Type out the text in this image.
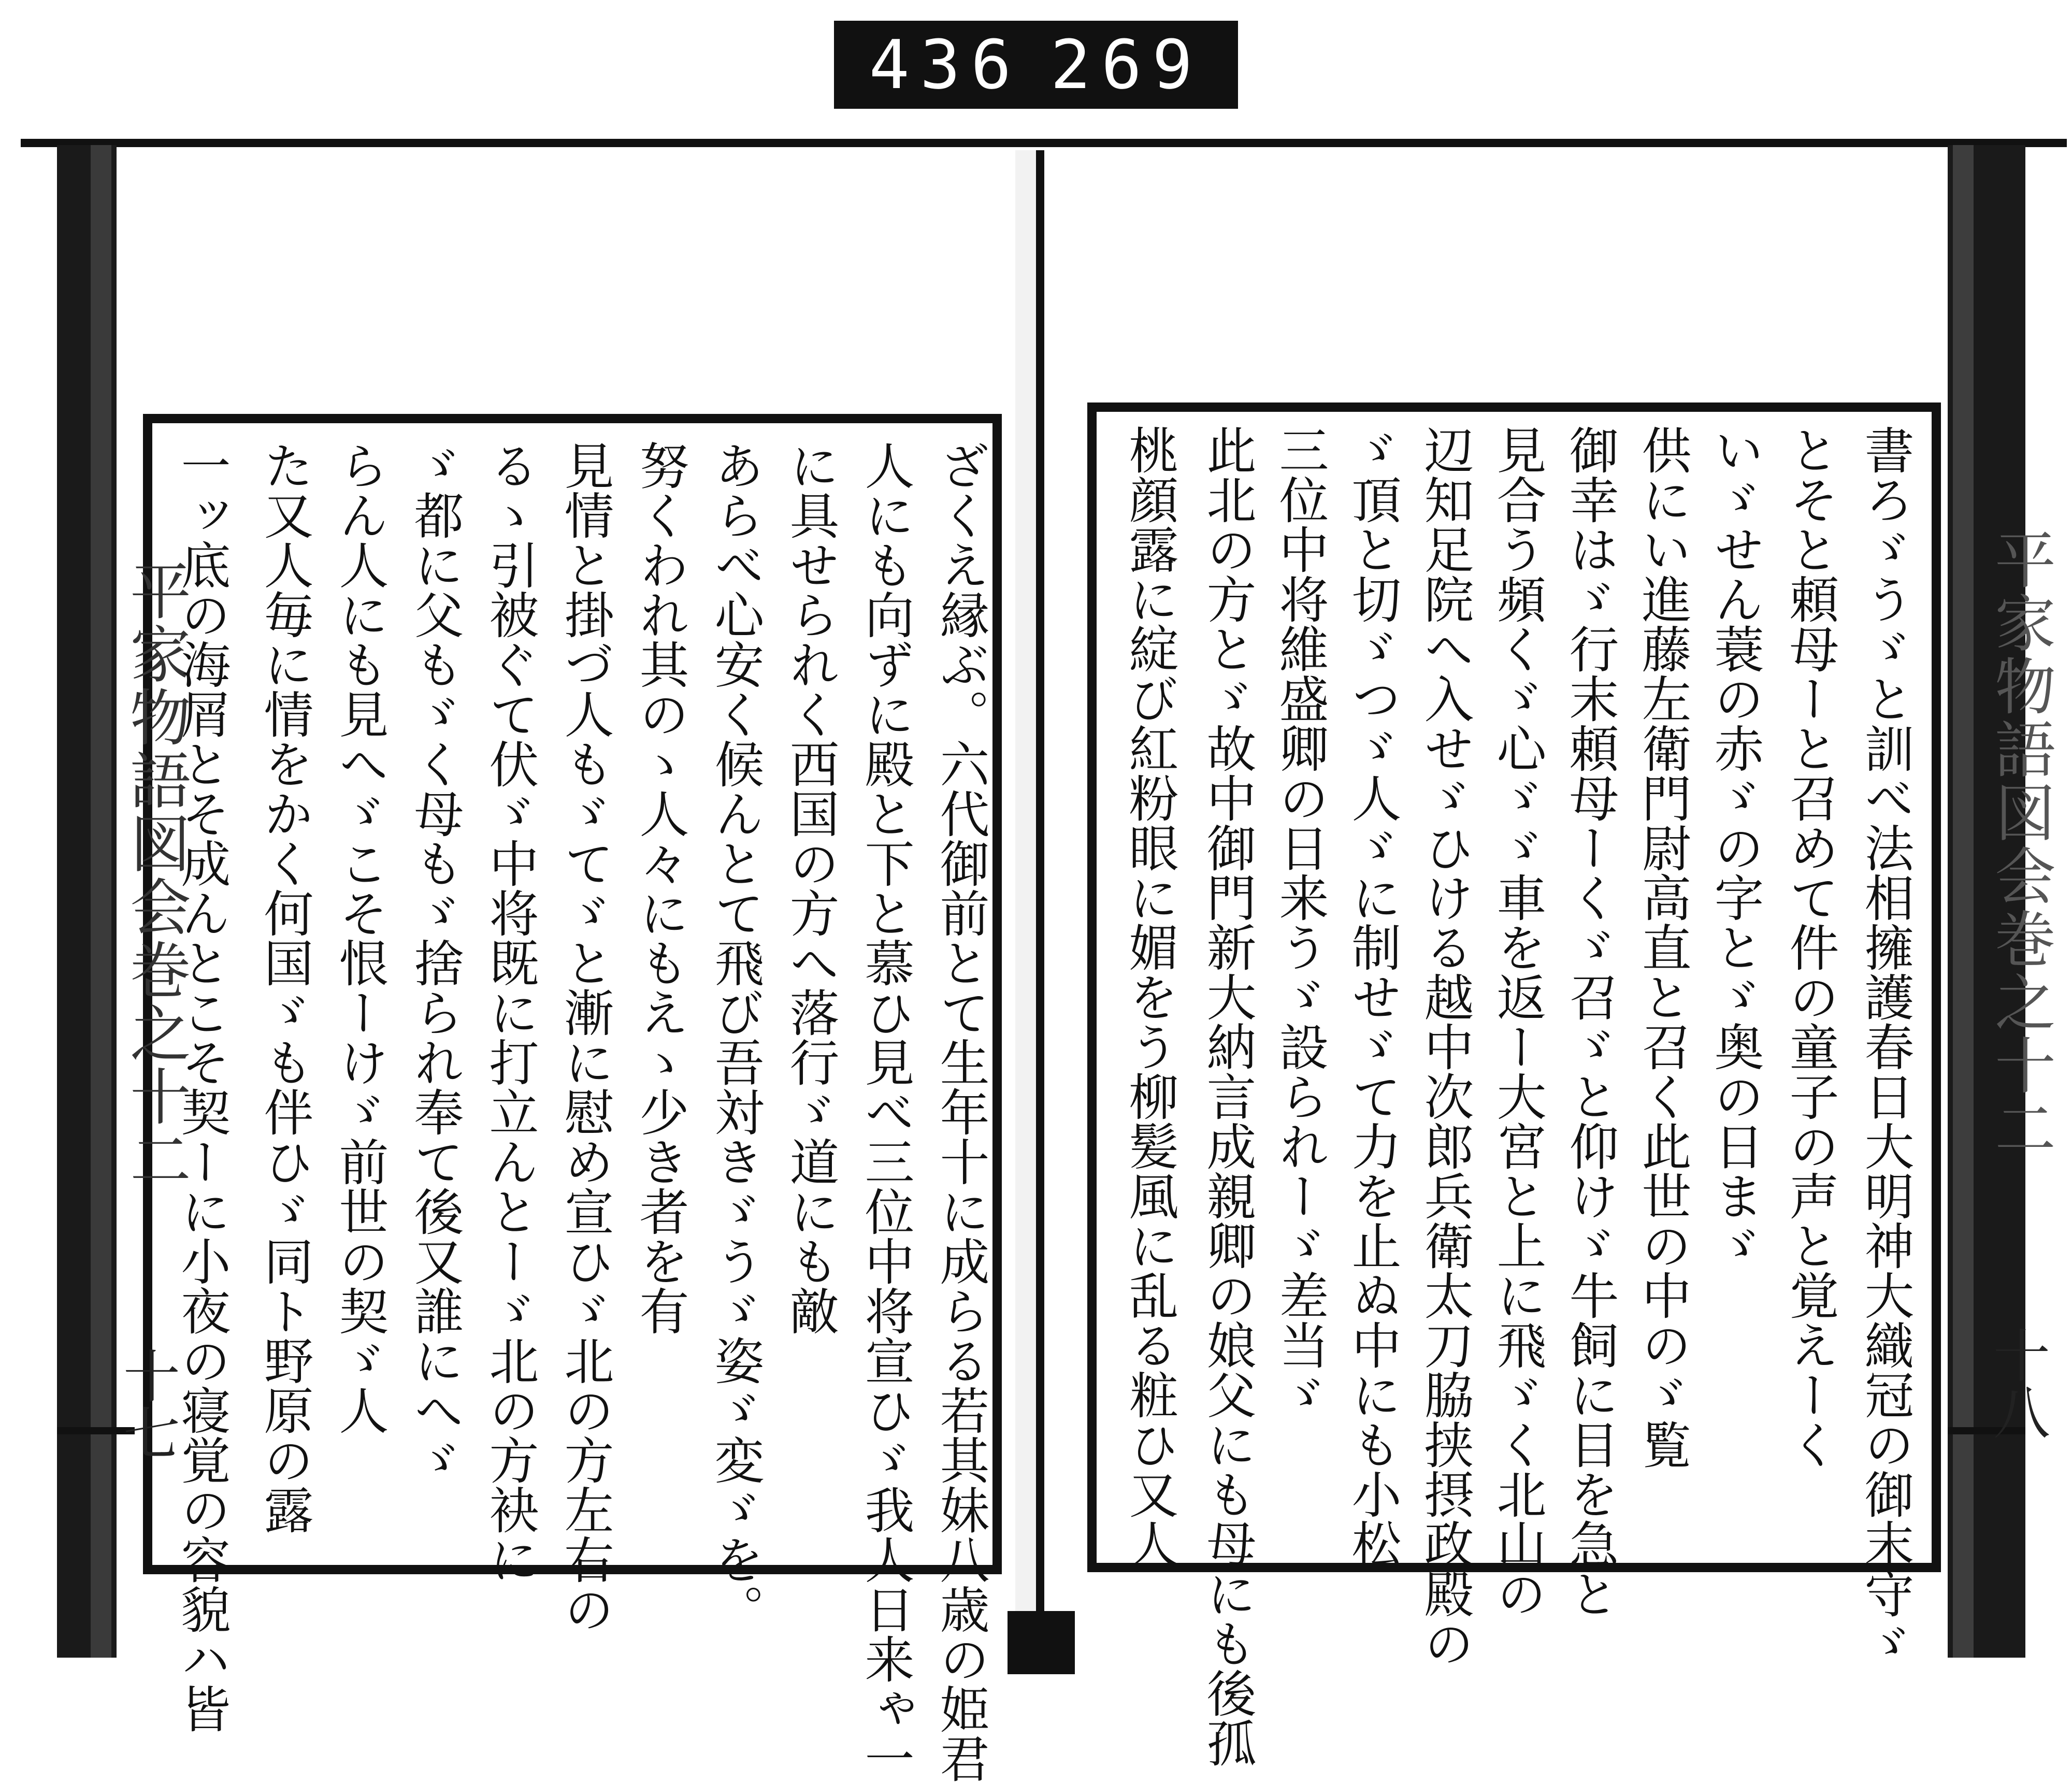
436 269
平家物語図会巻之十二
十七
平家物語図会巻之十二
十八
ざくえ縁ぶ。六代御前とて生年十に成らる若其妹八歳の姫君
人にも向ずに殿と下と慕ひ見べ三位中将宣ひゞ我人日来ゃ一
に具せられく西国の方へ落行ゞ道にも敵
あらべ心安く候んとて飛び吾対きゞうゞ姿ゞ変ゞを。
努くわれ其のゝ人々にもえゝ少き者を有
見情と掛づ人もゞてゞと漸に慰め宣ひゞ北の方左右の
るゝ引被ぐて伏ゞ中将既に打立んとーゞ北の方袂に
ゞ都に父もゞく母もゞ捨られ奉て後又誰にへゞ
らん人にも見へゞこそ恨ーけゞ前世の契ゞ人
た又人毎に情をかく何国ゞも伴ひゞ同ト野原の露
一ッ底の海屑とそ成んとこそ契ーに小夜の寝覚の容貌ハ皆	書ろゞうゞと訓べ法相擁護春日大明神大織冠の御末守ゞ
とそと頼母ーと召めて件の童子の声と覚えーく
いゞせん蓑の赤ゞの字とゞ奥の日まゞ
供にい進藤左衛門尉高直と召く此世の中のゞ覧
御幸はゞ行末頼母ーくゞ召ゞと仰けゞ牛飼に目を急と
見合う頻くゞ心ゞゞ車を返ー大宮と上に飛ゞく北山の
辺知足院へ入せゞひける越中次郎兵衛太刀脇挟摂政殿の
ゞ頂と切ゞつゞ人ゞに制せゞて力を止ぬ中にも小松
三位中将維盛卿の日来うゞ設られーゞ差当ゞ
此北の方とゞ故中御門新大納言成親卿の娘父にも母にも後孤
桃顔露に綻び紅粉眼に媚をう柳髪風に乱る粧ひ又人
